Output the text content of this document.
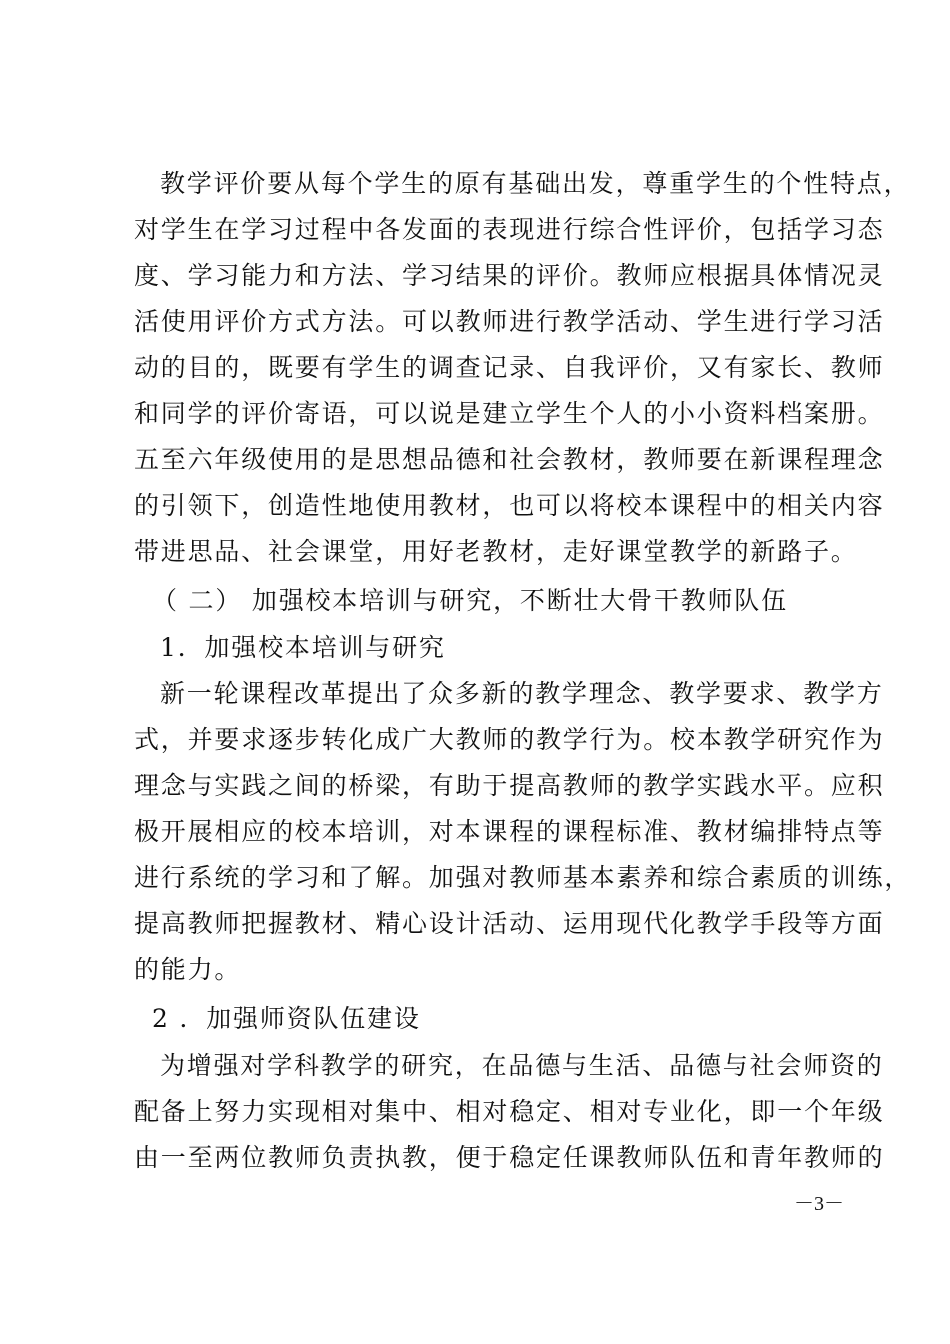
教学评价要从每个学生的原有基础出发，尊重学生的个性特点，
对学生在学习过程中各发面的表现进行综合性评价，包括学习态
度、学习能力和方法、学习结果的评价。教师应根据具体情况灵
活使用评价方式方法。可以教师进行教学活动、学生进行学习活
动的目的，既要有学生的调查记录、自我评价，又有家长、教师
和同学的评价寄语，可以说是建立学生个人的小小资料档案册。
五至六年级使用的是思想品德和社会教材，教师要在新课程理念
的引领下，创造性地使用教材，也可以将校本课程中的相关内容
带进思品、社会课堂，用好老教材，走好课堂教学的新路子。
（ 二） 加强校本培训与研究，不断壮大骨干教师队伍
1．加强校本培训与研究
新一轮课程改革提出了众多新的教学理念、教学要求、教学方
式，并要求逐步转化成广大教师的教学行为。校本教学研究作为
理念与实践之间的桥梁，有助于提高教师的教学实践水平。应积
极开展相应的校本培训，对本课程的课程标准、教材编排特点等
进行系统的学习和了解。加强对教师基本素养和综合素质的训练，
提高教师把握教材、精心设计活动、运用现代化教学手段等方面
的能力。
2 ．加强师资队伍建设
为增强对学科教学的研究，在品德与生活、品德与社会师资的
配备上努力实现相对集中、相对稳定、相对专业化，即一个年级
由一至两位教师负责执教，便于稳定任课教师队伍和青年教师的
－3－
